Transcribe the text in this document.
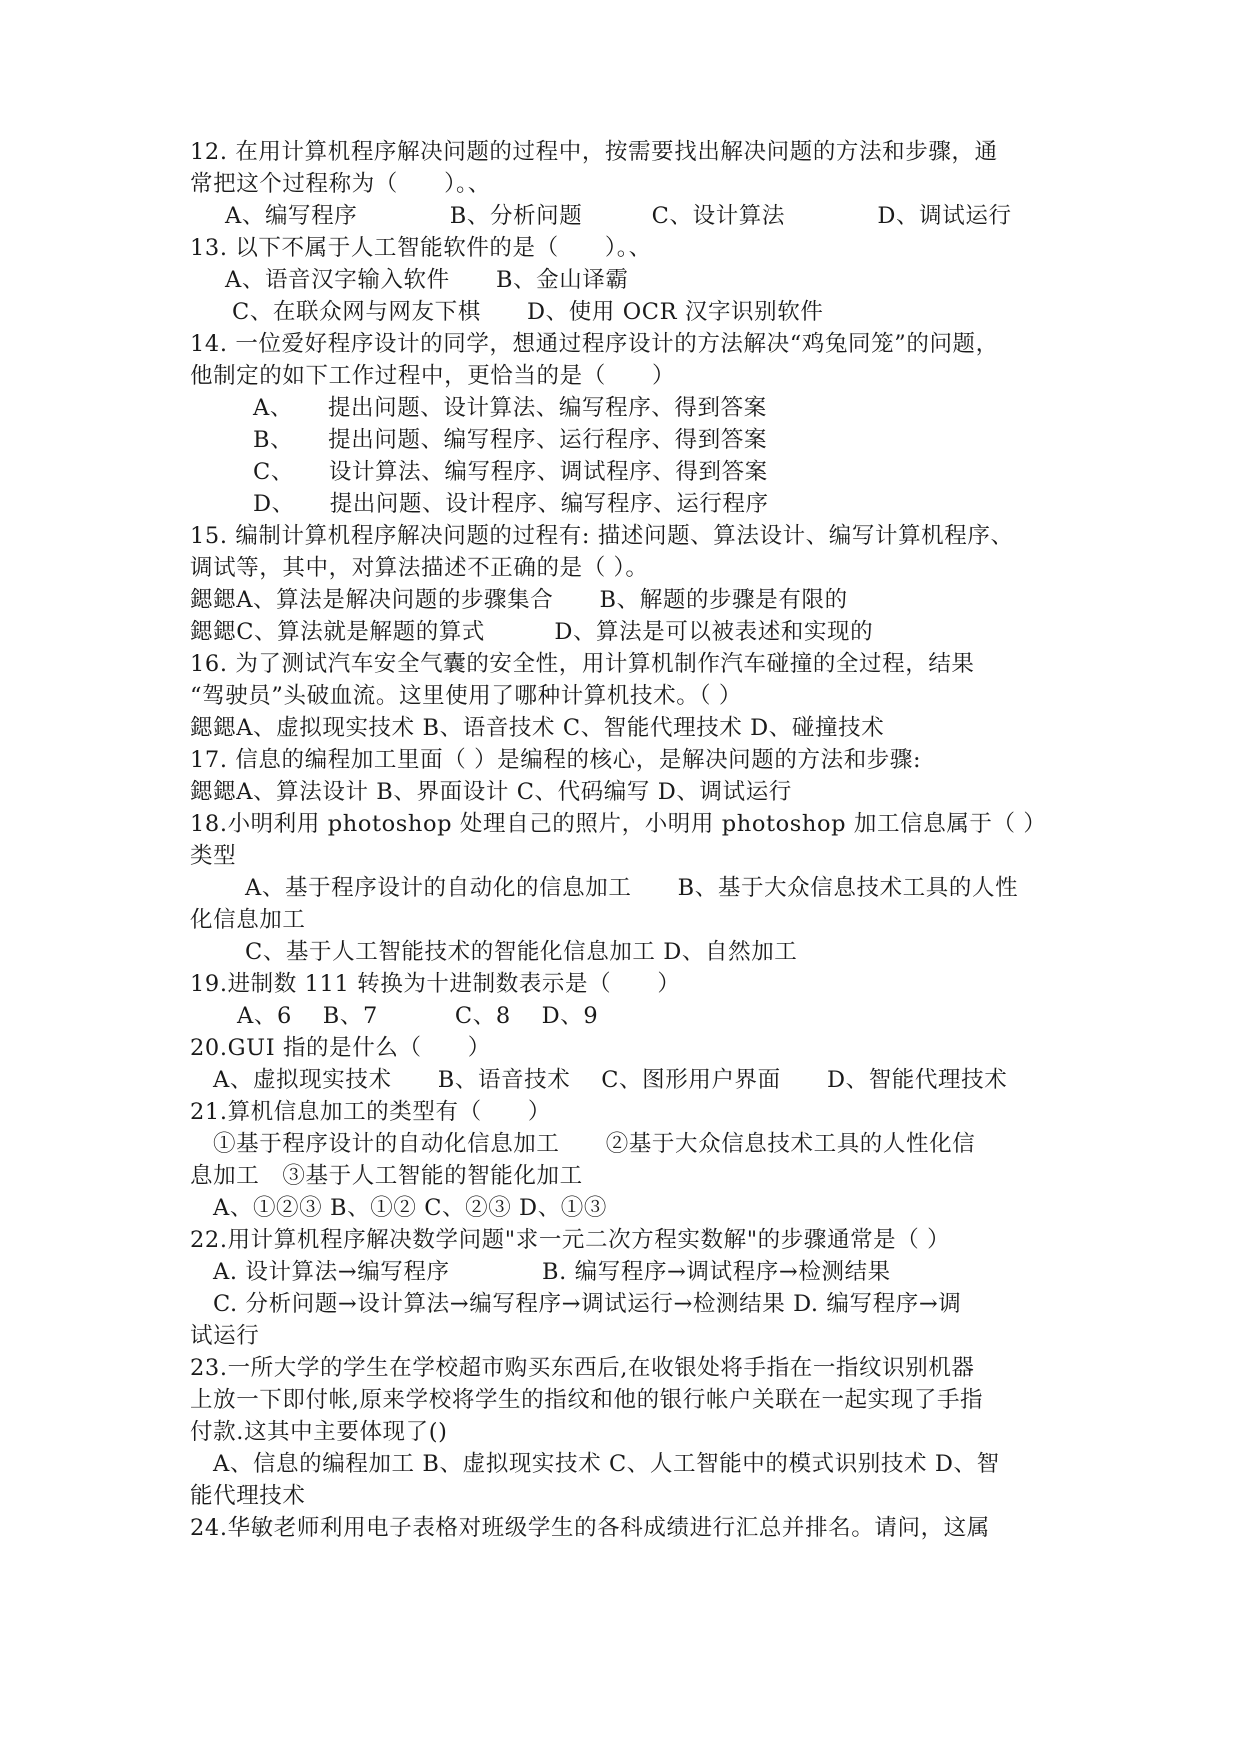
12. 在用计算机程序解决问题的过程中，按需要找出解决问题的方法和步骤，通
常把这个过程称为（　　）。、
A、编写程序　　　　B、分析问题　　　C、设计算法　　　　D、调试运行
13. 以下不属于人工智能软件的是（　　）。、
A、语音汉字输入软件　　B、金山译霸
C、在联众网与网友下棋　　D、使用 OCR 汉字识别软件
14. 一位爱好程序设计的同学，想通过程序设计的方法解决“鸡兔同笼”的问题，
他制定的如下工作过程中，更恰当的是（　　）
A、　　提出问题、设计算法、编写程序、得到答案
B、　　提出问题、编写程序、运行程序、得到答案
C、　　设计算法、编写程序、调试程序、得到答案
D、　　提出问题、设计程序、编写程序、运行程序
15. 编制计算机程序解决问题的过程有: 描述问题、算法设计、编写计算机程序、
调试等，其中，对算法描述不正确的是（ ）。
鍶鍶A、算法是解决问题的步骤集合　　B、解题的步骤是有限的
鍶鍶C、算法就是解题的算式　　　D、算法是可以被表述和实现的
16. 为了测试汽车安全气囊的安全性，用计算机制作汽车碰撞的全过程，结果
“驾驶员”头破血流。这里使用了哪种计算机技术。（ ）
鍶鍶A、虚拟现实技术 B、语音技术 C、智能代理技术 D、碰撞技术
17. 信息的编程加工里面（ ）是编程的核心，是解决问题的方法和步骤:
鍶鍶A、算法设计 B、界面设计 C、代码编写 D、调试运行
18.小明利用 photoshop 处理自己的照片，小明用 photoshop 加工信息属于（ ）
类型
A、基于程序设计的自动化的信息加工　　B、基于大众信息技术工具的人性
化信息加工
C、基于人工智能技术的智能化信息加工 D、自然加工
19.进制数 111 转换为十进制数表示是（　　）
A、6　 B、7　　　 C、8　 D、9
20.GUI 指的是什么（　　）
A、虚拟现实技术　　B、语音技术　 C、图形用户界面　　D、智能代理技术
21.算机信息加工的类型有（　　）
①基于程序设计的自动化信息加工　　②基于大众信息技术工具的人性化信
息加工　③基于人工智能的智能化加工
A、①②③ B、①② C、②③ D、①③
22.用计算机程序解决数学问题"求一元二次方程实数解"的步骤通常是（ ）
A. 设计算法→编写程序　　　　B. 编写程序→调试程序→检测结果
C. 分析问题→设计算法→编写程序→调试运行→检测结果 D. 编写程序→调
试运行
23.一所大学的学生在学校超市购买东西后,在收银处将手指在一指纹识别机器
上放一下即付帐,原来学校将学生的指纹和他的银行帐户关联在一起实现了手指
付款.这其中主要体现了()
A、信息的编程加工 B、虚拟现实技术 C、人工智能中的模式识别技术 D、智
能代理技术
24.华敏老师利用电子表格对班级学生的各科成绩进行汇总并排名。请问，这属
